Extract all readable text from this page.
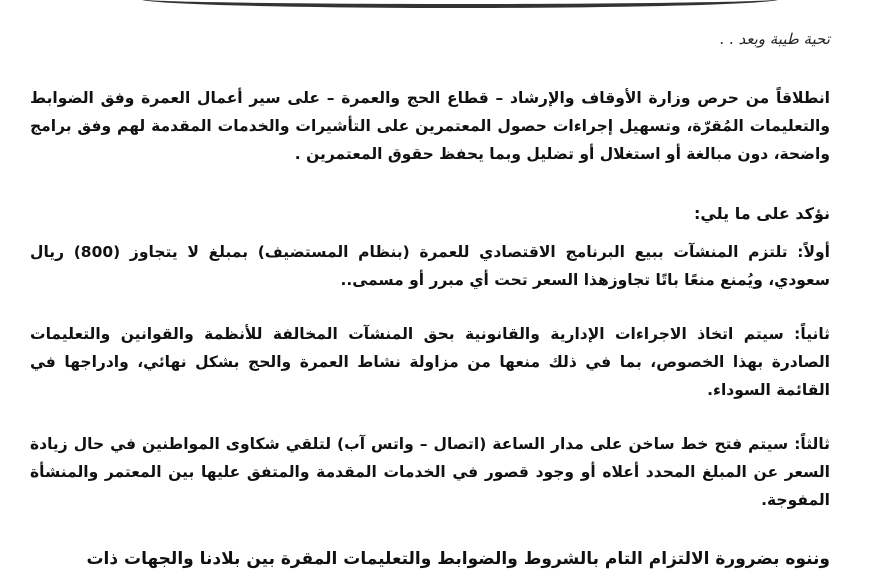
تحية طيبة وبعد . .
انطلاقاً من حرص وزارة الأوقاف والإرشاد – قطاع الحج والعمرة – على سير أعمال العمرة وفق الضوابط والتعليمات المُقرّة، وتسهيل إجراءات حصول المعتمرين على التأشيرات والخدمات المقدمة لهم وفق برامج واضحة، دون مبالغة أو استغلال أو تضليل وبما يحفظ حقوق المعتمرين .
نؤكد على ما يلي:
أولاً: تلتزم المنشآت ببيع البرنامج الاقتصادي للعمرة (بنظام المستضيف) بمبلغ لا يتجاوز (800) ريال سعودي، ويُمنع منعًا باتًا تجاوزهذا السعر تحت أي مبرر أو مسمى..
ثانياً: سيتم اتخاذ الاجراءات الإدارية والقانونية بحق المنشآت المخالفة للأنظمة والقوانين والتعليمات الصادرة بهذا الخصوص، بما في ذلك منعها من مزاولة نشاط العمرة والحج بشكل نهائي، وادراجها في القائمة السوداء.
ثالثاً: سيتم فتح خط ساخن على مدار الساعة (اتصال – واتس آب) لتلقي شكاوى المواطنين في حال زيادة السعر عن المبلغ المحدد أعلاه أو وجود قصور في الخدمات المقدمة والمتفق عليها بين المعتمر والمنشأة المفوجة.
وننوه بضرورة الالتزام التام بالشروط والضوابط والتعليمات المقرة بين بلادنا والجهات ذات
